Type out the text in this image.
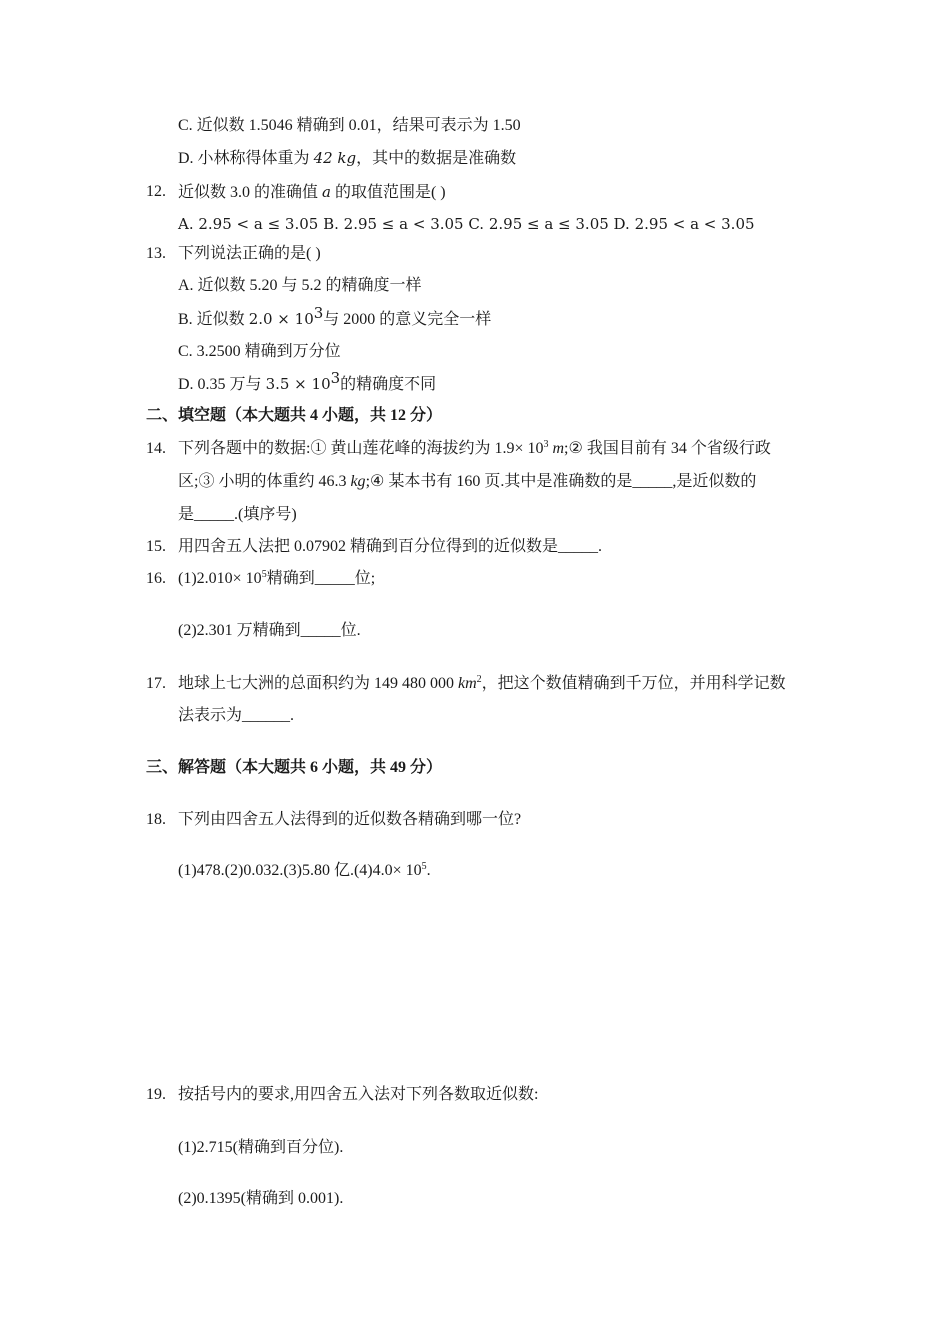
C. 近似数 1.5046 精确到 0.01，结果可表示为 1.50
D. 小林称得体重为 42 kg，其中的数据是准确数
12. 近似数 3.0 的准确值 a 的取值范围是( )
A. 2.95 < a ≤ 3.05 B. 2.95 ≤ a < 3.05 C. 2.95 ≤ a ≤ 3.05 D. 2.95 < a < 3.05
13. 下列说法正确的是( )
A. 近似数 5.20 与 5.2 的精确度一样
B. 近似数 $2.0 \times 10^3$与 2000 的意义完全一样
C. 3.2500 精确到万分位
D. 0.35 万与 $3.5 \times 10^3$的精确度不同
二、填空题（本大题共 4 小题，共 12 分）
14. 下列各题中的数据:① 黄山莲花峰的海拔约为 $1.9\times 10^3$ m;② 我国目前有 34 个省级行政
区;③ 小明的体重约 46.3 kg;④ 某本书有 160 页.其中是准确数的是_____,是近似数的
是_____.(填序号)
15. 用四舍五人法把 0.07902 精确到百分位得到的近似数是_____.
16. $(1)2.010\times 10^5$精确到_____位;
(2)2.301 万精确到_____位.
17. 地球上七大洲的总面积约为 149 480 000 $km^2$，把这个数值精确到千万位，并用科学记数
法表示为______.
三、解答题（本大题共 6 小题，共 49 分）
18. 下列由四舍五人法得到的近似数各精确到哪一位?
(1)478.(2)0.032.(3)5.80 亿$.(4)4.0\times 10^5$.
19. 按括号内的要求,用四舍五入法对下列各数取近似数:
(1)2.715(精确到百分位).
(2)0.1395(精确到 0.001).
